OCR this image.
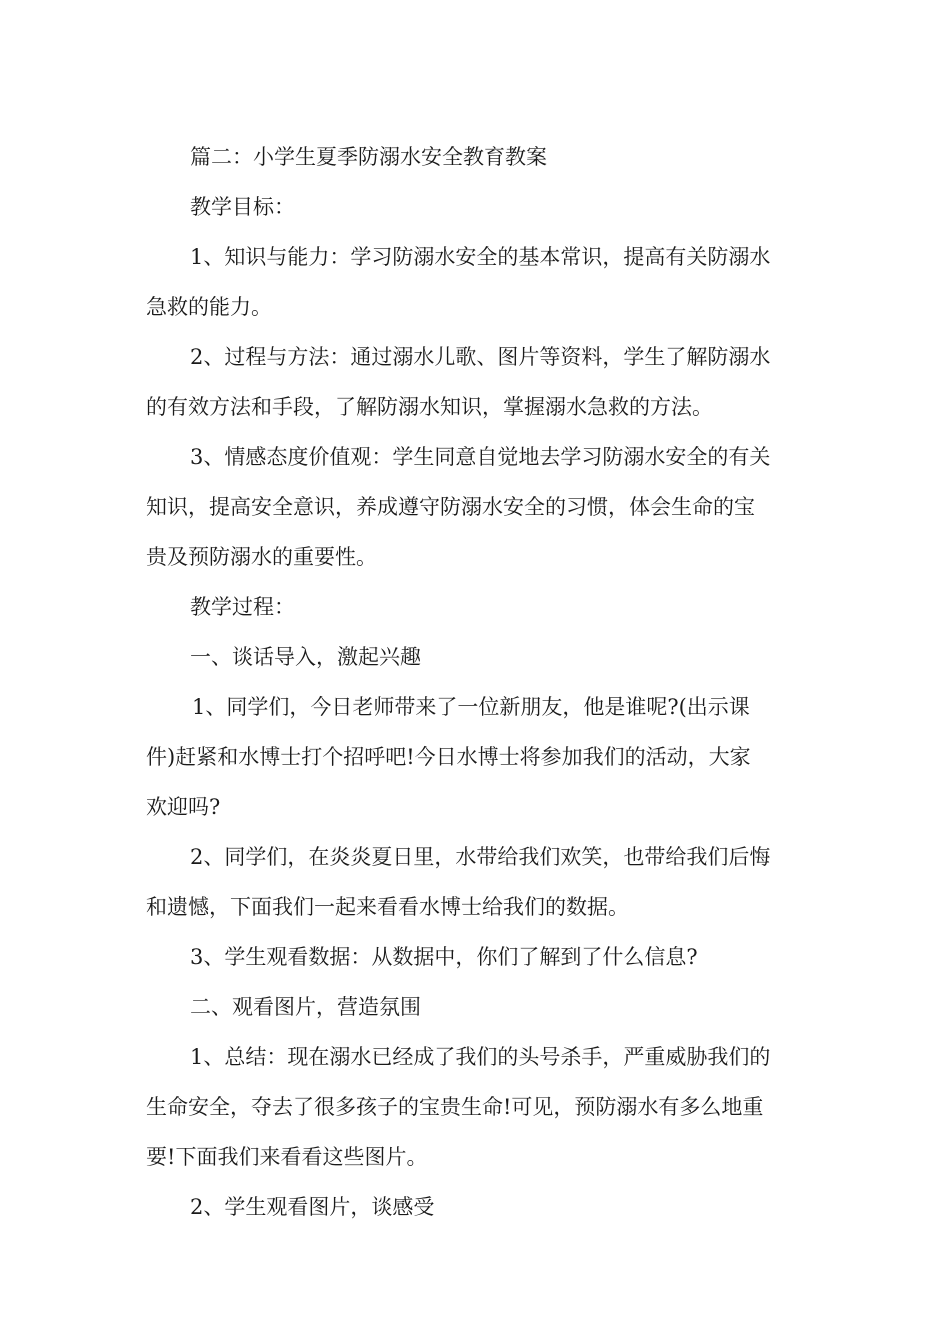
篇二：小学生夏季防溺水安全教育教案
教学目标：
1、知识与能力：学习防溺水安全的基本常识，提高有关防溺水
急救的能力。
2、过程与方法：通过溺水儿歌、图片等资料，学生了解防溺水
的有效方法和手段，了解防溺水知识，掌握溺水急救的方法。
3、情感态度价值观：学生同意自觉地去学习防溺水安全的有关
知识，提高安全意识，养成遵守防溺水安全的习惯，体会生命的宝
贵及预防溺水的重要性。
教学过程：
一、谈话导入，激起兴趣
1、同学们，今日老师带来了一位新朋友，他是谁呢?(出示课
件)赶紧和水博士打个招呼吧!今日水博士将参加我们的活动，大家
欢迎吗?
2、同学们，在炎炎夏日里，水带给我们欢笑，也带给我们后悔
和遗憾，下面我们一起来看看水博士给我们的数据。
3、学生观看数据：从数据中，你们了解到了什么信息?
二、观看图片，营造氛围
1、总结：现在溺水已经成了我们的头号杀手，严重威胁我们的
生命安全，夺去了很多孩子的宝贵生命!可见，预防溺水有多么地重
要!下面我们来看看这些图片。
2、学生观看图片，谈感受
